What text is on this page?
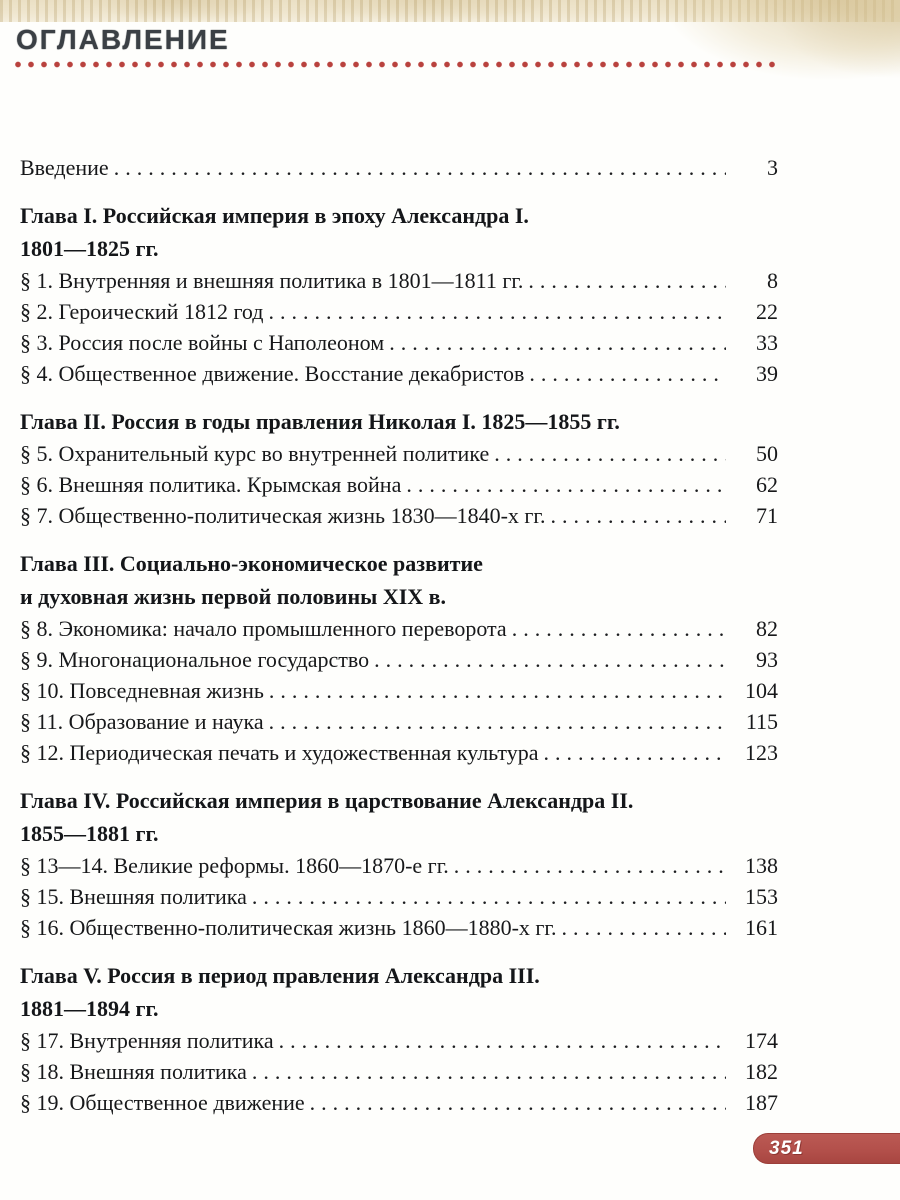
ОГЛАВЛЕНИЕ
Введение .....	3
Глава I. Российская империя в эпоху Александра I.
1801—1825 гг.
§ 1. Внутренняя и внешняя политика в 1801—1811 гг. .....	8
§ 2. Героический 1812 год .....	22
§ 3. Россия после войны с Наполеоном .....	33
§ 4. Общественное движение. Восстание декабристов .....	39
Глава II. Россия в годы правления Николая I. 1825—1855 гг.
§ 5. Охранительный курс во внутренней политике .....	50
§ 6. Внешняя политика. Крымская война .....	62
§ 7. Общественно-политическая жизнь 1830—1840-х гг. .....	71
Глава III. Социально-экономическое развитие
и духовная жизнь первой половины XIX в.
§ 8. Экономика: начало промышленного переворота .....	82
§ 9. Многонациональное государство .....	93
§ 10. Повседневная жизнь .....	104
§ 11. Образование и наука .....	115
§ 12. Периодическая печать и художественная культура .....	123
Глава IV. Российская империя в царствование Александра II.
1855—1881 гг.
§ 13—14. Великие реформы. 1860—1870-е гг. .....	138
§ 15. Внешняя политика .....	153
§ 16. Общественно-политическая жизнь 1860—1880-х гг. .....	161
Глава V. Россия в период правления Александра III.
1881—1894 гг.
§ 17. Внутренняя политика .....	174
§ 18. Внешняя политика .....	182
§ 19. Общественное движение .....	187
351
